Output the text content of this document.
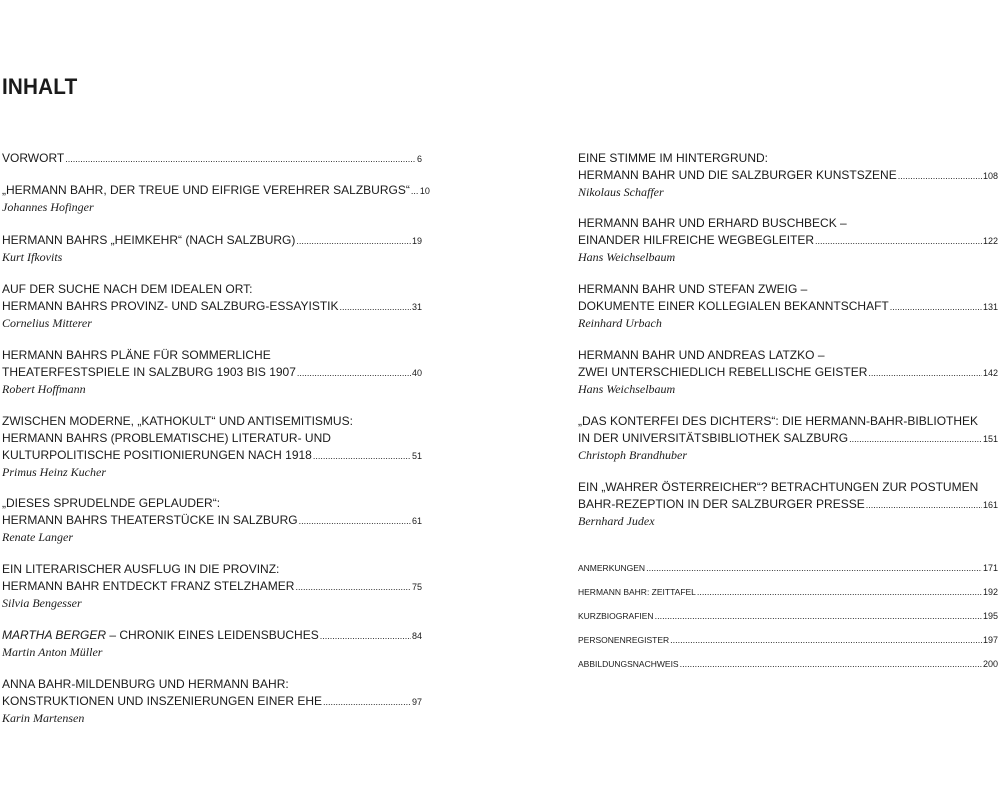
INHALT
VORWORT .....	6
„HERMANN BAHR, DER TREUE UND EIFRIGE VEREHRER SALZBURGS“ ..... 10
Johannes Hofinger
HERMANN BAHRS „HEIMKEHR“ (NACH SALZBURG) .....	19
Kurt Ifkovits
AUF DER SUCHE NACH DEM IDEALEN ORT:
HERMANN BAHRS PROVINZ- UND SALZBURG-ESSAYISTIK .....	31
Cornelius Mitterer
HERMANN BAHRS PLÄNE FÜR SOMMERLICHE
THEATERFESTSPIELE IN SALZBURG 1903 BIS 1907 .....	40
Robert Hoffmann
ZWISCHEN MODERNE, „KATHOKULT“ UND ANTISEMITISMUS:
HERMANN BAHRS (PROBLEMATISCHE) LITERATUR- UND
KULTURPOLITISCHE POSITIONIERUNGEN NACH 1918 .....	51
Primus Heinz Kucher
„DIESES SPRUDELNDE GEPLAUDER“:
HERMANN BAHRS THEATERSTÜCKE IN SALZBURG .....	61
Renate Langer
EIN LITERARISCHER AUSFLUG IN DIE PROVINZ:
HERMANN BAHR ENTDECKT FRANZ STELZHAMER .....	75
Silvia Bengesser
MARTHA BERGER – CHRONIK EINES LEIDENSBUCHES .....	84
Martin Anton Müller
ANNA BAHR-MILDENBURG UND HERMANN BAHR:
KONSTRUKTIONEN UND INSZENIERUNGEN EINER EHE .....	97
Karin Martensen
EINE STIMME IM HINTERGRUND:
HERMANN BAHR UND DIE SALZBURGER KUNSTSZENE .....	108
Nikolaus Schaffer
HERMANN BAHR UND ERHARD BUSCHBECK –
EINANDER HILFREICHE WEGBEGLEITER .....	122
Hans Weichselbaum
HERMANN BAHR UND STEFAN ZWEIG –
DOKUMENTE EINER KOLLEGIALEN BEKANNTSCHAFT .....	131
Reinhard Urbach
HERMANN BAHR UND ANDREAS LATZKO –
ZWEI UNTERSCHIEDLICH REBELLISCHE GEISTER .....	142
Hans Weichselbaum
„DAS KONTERFEI DES DICHTERS“: DIE HERMANN-BAHR-BIBLIOTHEK
IN DER UNIVERSITÄTSBIBLIOTHEK SALZBURG .....	151
Christoph Brandhuber
EIN „WAHRER ÖSTERREICHER“? BETRACHTUNGEN ZUR POSTUMEN
BAHR-REZEPTION IN DER SALZBURGER PRESSE .....	161
Bernhard Judex
ANMERKUNGEN .....	171
HERMANN BAHR: ZEITTAFEL .....	192
KURZBIOGRAFIEN .....	195
PERSONENREGISTER .....	197
ABBILDUNGSNACHWEIS .....	200
